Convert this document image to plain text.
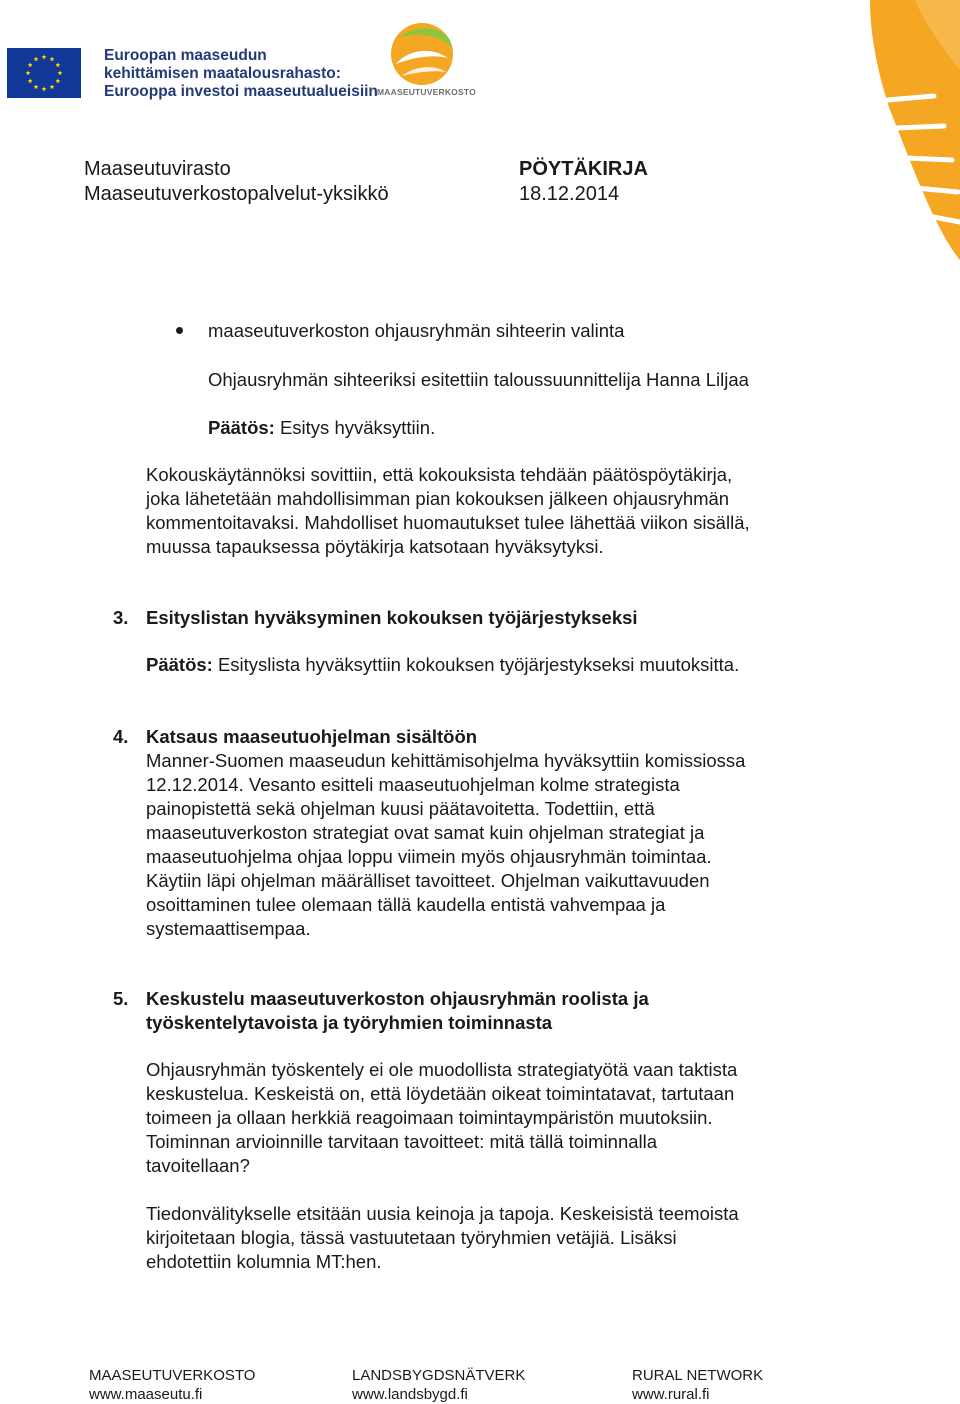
Euroopan maaseudun
kehittämisen maatalousrahasto:
Eurooppa investoi maaseutualueisiin MAASEUTUVERKOSTO
Maaseutuvirasto
Maaseutuverkostopalvelut-yksikkö
PÖYTÄKIRJA
18.12.2014
maaseutuverkoston ohjausryhmän sihteerin valinta
Ohjausryhmän sihteeriksi esitettiin taloussuunnittelija Hanna Liljaa
Päätös: Esitys hyväksyttiin.
Kokouskäytännöksi sovittiin, että kokouksista tehdään päätöspöytäkirja,
joka lähetetään mahdollisimman pian kokouksen jälkeen ohjausryhmän
kommentoitavaksi. Mahdolliset huomautukset tulee lähettää viikon sisällä,
muussa tapauksessa pöytäkirja katsotaan hyväksytyksi.
3. Esityslistan hyväksyminen kokouksen työjärjestykseksi
Päätös: Esityslista hyväksyttiin kokouksen työjärjestykseksi muutoksitta.
4. Katsaus maaseutuohjelman sisältöön
Manner-Suomen maaseudun kehittämisohjelma hyväksyttiin komissiossa
12.12.2014. Vesanto esitteli maaseutuohjelman kolme strategista
painopistettä sekä ohjelman kuusi päätavoitetta. Todettiin, että
maaseutuverkoston strategiat ovat samat kuin ohjelman strategiat ja
maaseutuohjelma ohjaa loppu viimein myös ohjausryhmän toimintaa.
Käytiin läpi ohjelman määrälliset tavoitteet. Ohjelman vaikuttavuuden
osoittaminen tulee olemaan tällä kaudella entistä vahvempaa ja
systemaattisempaa.
5. Keskustelu maaseutuverkoston ohjausryhmän roolista ja
työskentelytavoista ja työryhmien toiminnasta
Ohjausryhmän työskentely ei ole muodollista strategiatyötä vaan taktista
keskustelua. Keskeistä on, että löydetään oikeat toimintatavat, tartutaan
toimeen ja ollaan herkkiä reagoimaan toimintaympäristön muutoksiin.
Toiminnan arvioinnille tarvitaan tavoitteet: mitä tällä toiminnalla
tavoitellaan?
Tiedonvälitykselle etsitään uusia keinoja ja tapoja. Keskeisistä teemoista
kirjoitetaan blogia, tässä vastuutetaan työryhmien vetäjiä. Lisäksi
ehdotettiin kolumnia MT:hen.
MAASEUTUVERKOSTO
www.maaseutu.fi
LANDSBYGDSNÄTVERK
www.landsbygd.fi
RURAL NETWORK
www.rural.fi
